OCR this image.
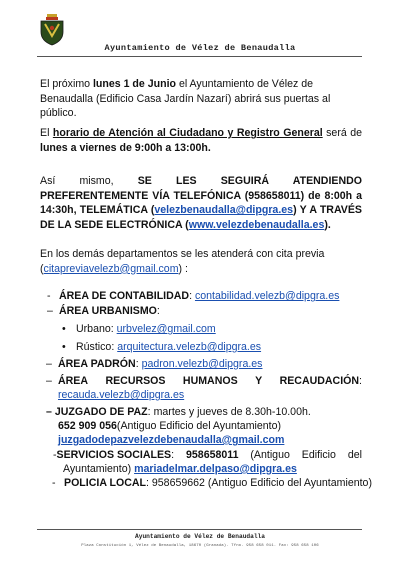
Ayuntamiento de Vélez de Benaudalla
El próximo lunes 1 de Junio el Ayuntamiento de Vélez de Benaudalla (Edificio Casa Jardín Nazarí) abrirá sus puertas al público.
El horario de Atención al Ciudadano y Registro General será de lunes a viernes de 9:00h a 13:00h.
Así mismo, SE LES SEGUIRÁ ATENDIENDO PREFERENTEMENTE VÍA TELEFÓNICA (958658011) de 8:00h a 14:30h, TELEMÁTICA (velezbenaudalla@dipgra.es) Y A TRAVÉS DE LA SEDE ELECTRÓNICA (www.velezdebenaudalla.es).
En los demás departamentos se les atenderá con cita previa (citapreviavelezb@gmail.com) :
- ÁREA DE CONTABILIDAD: contabilidad.velezb@dipgra.es
– ÁREA URBANISMO:
• Urbano: urbvelez@gmail.com
• Rústico: arquitectura.velezb@dipgra.es
– ÁREA PADRÓN: padron.velezb@dipgra.es
– ÁREA RECURSOS HUMANOS Y RECAUDACIÓN:
recauda.velezb@dipgra.es
– JUZGADO DE PAZ: martes y jueves de 8.30h-10.00h.
652 909 056(Antiguo Edificio del Ayuntamiento)
juzgadodepazvelezdebenaudalla@gmail.com
-SERVICIOS SOCIALES: 958658011 (Antiguo Edificio del
Ayuntamiento) mariadelmar.delpaso@dipgra.es
- POLICIA LOCAL: 958659662 (Antiguo Edificio del Ayuntamiento)
Ayuntamiento de Vélez de Benaudalla
Plaza Constitución 1, Vélez de Benaudalla, 18670 (Granada). Tfno. 958 658 011. Fax: 958 658 106
